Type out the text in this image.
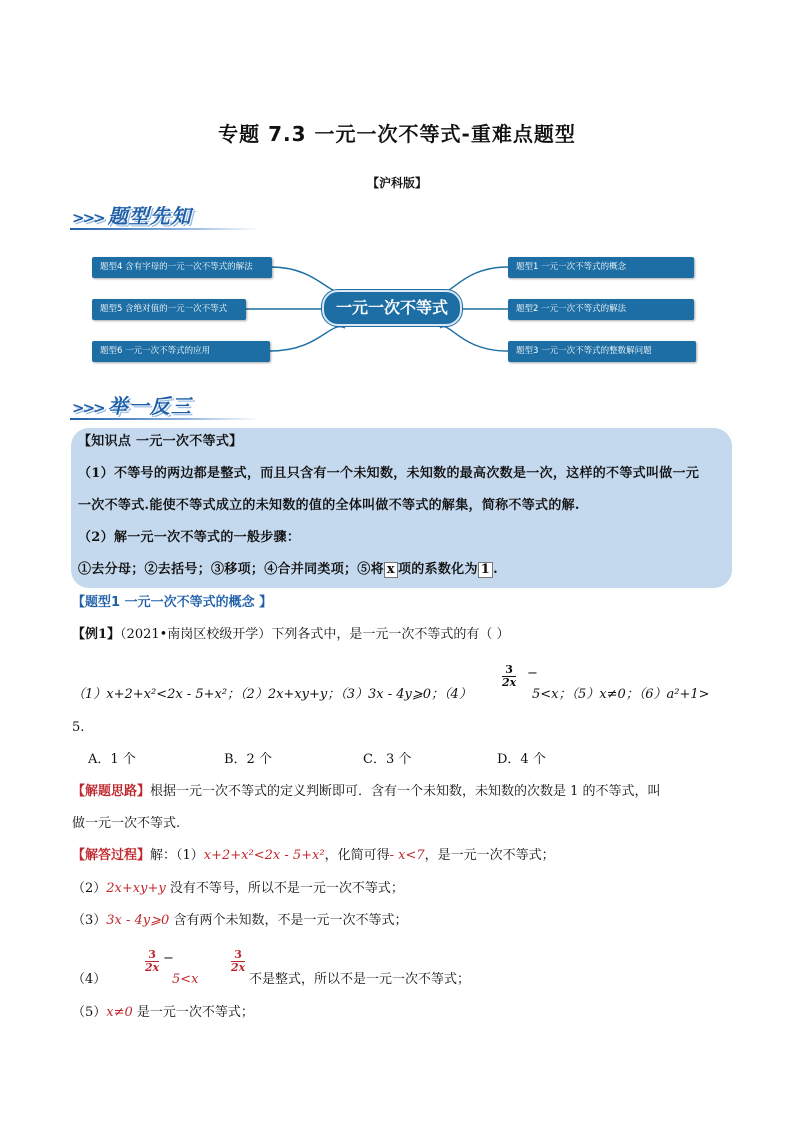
专题 7.3 一元一次不等式-重难点题型
【沪科版】
>>> 题型先知
题型4 含有字母的一元一次不等式的解法
题型5 含绝对值的一元一次不等式
题型6 一元一次不等式的应用
一元一次不等式
题型1 一元一次不等式的概念
题型2 一元一次不等式的解法
题型3 一元一次不等式的整数解问题
>>> 举一反三
【知识点 一元一次不等式】
（1）不等号的两边都是整式，而且只含有一个未知数，未知数的最高次数是一次，这样的不等式叫做一元
一次不等式.能使不等式成立的未知数的值的全体叫做不等式的解集，简称不等式的解.
（2）解一元一次不等式的一般步骤：
①去分母；②去括号；③移项；④合并同类项；⑤将 x 项的系数化为 1 .
【题型1 一元一次不等式的概念 】
【例1】（2021•南岗区校级开学）下列各式中，是一元一次不等式的有（ ）
（1）x+2+x²<2x - 5+x²；（2）2x+xy+y；（3）3x - 4y⩾0；（4）
$\frac{3}{2x}$ −
5<x；（5）x≠0；（6）a²+1>
5.
A．1 个	B．2 个	C．3 个	D．4 个
【解题思路】根据一元一次不等式的定义判断即可．含有一个未知数，未知数的次数是 1 的不等式，叫
做一元一次不等式.
【解答过程】解：（1）x+2+x²<2x - 5+x²，化简可得- x<7，是一元一次不等式；
（2）2x+xy+y 没有不等号，所以不是一元一次不等式；
（3）3x - 4y⩾0 含有两个未知数，不是一元一次不等式；
（4）
$\frac{3}{2x}$ −
5<x
$\frac{3}{2x}$
不是整式，所以不是一元一次不等式；
（5）x≠0 是一元一次不等式；
